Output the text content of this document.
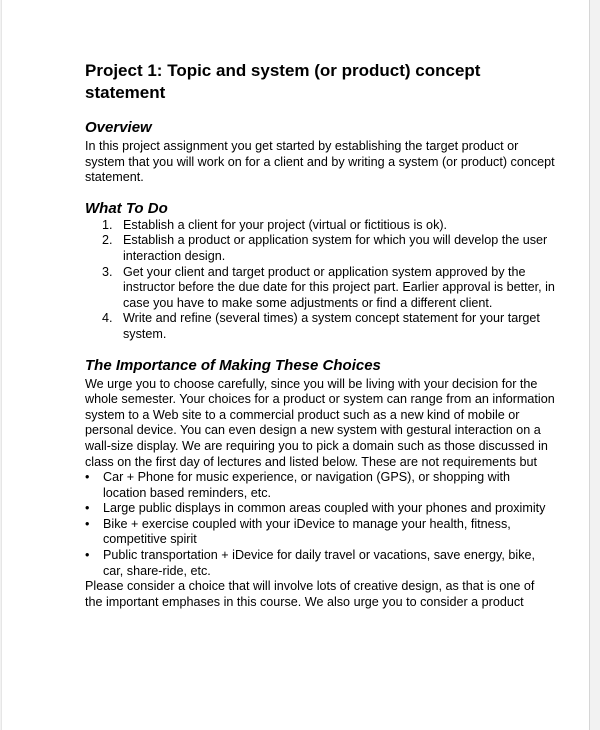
Project 1: Topic and system (or product) concept
statement
Overview

In this project assignment you get started by establishing the target product or system that you will work on for a client and by writing a system (or product) concept statement.

What To Do
1. Establish a client for your project (virtual or fictitious is ok).
2. Establish a product or application system for which you will develop the user interaction design.
3. Get your client and target product or application system approved by the instructor before the due date for this project part. Earlier approval is better, in case you have to make some adjustments or find a different client.
4. Write and refine (several times) a system concept statement for your target system.
The Importance of Making These Choices

We urge you to choose carefully, since you will be living with your decision for the whole semester. Your choices for a product or system can range from an information system to a Web site to a commercial product such as a new kind of mobile or personal device. You can even design a new system with gestural interaction on a wall-size display. We are requiring you to pick a domain such as those discussed in class on the first day of lectures and listed below. These are not requirements but

• Car + Phone for music experience, or navigation (GPS), or shopping with location based reminders, etc.
• Large public displays in common areas coupled with your phones and proximity
• Bike + exercise coupled with your iDevice to manage your health, fitness, competitive spirit
• Public transportation + iDevice for daily travel or vacations, save energy, bike, car, share-ride, etc.

Please consider a choice that will involve lots of creative design, as that is one of the important emphases in this course. We also urge you to consider a product
